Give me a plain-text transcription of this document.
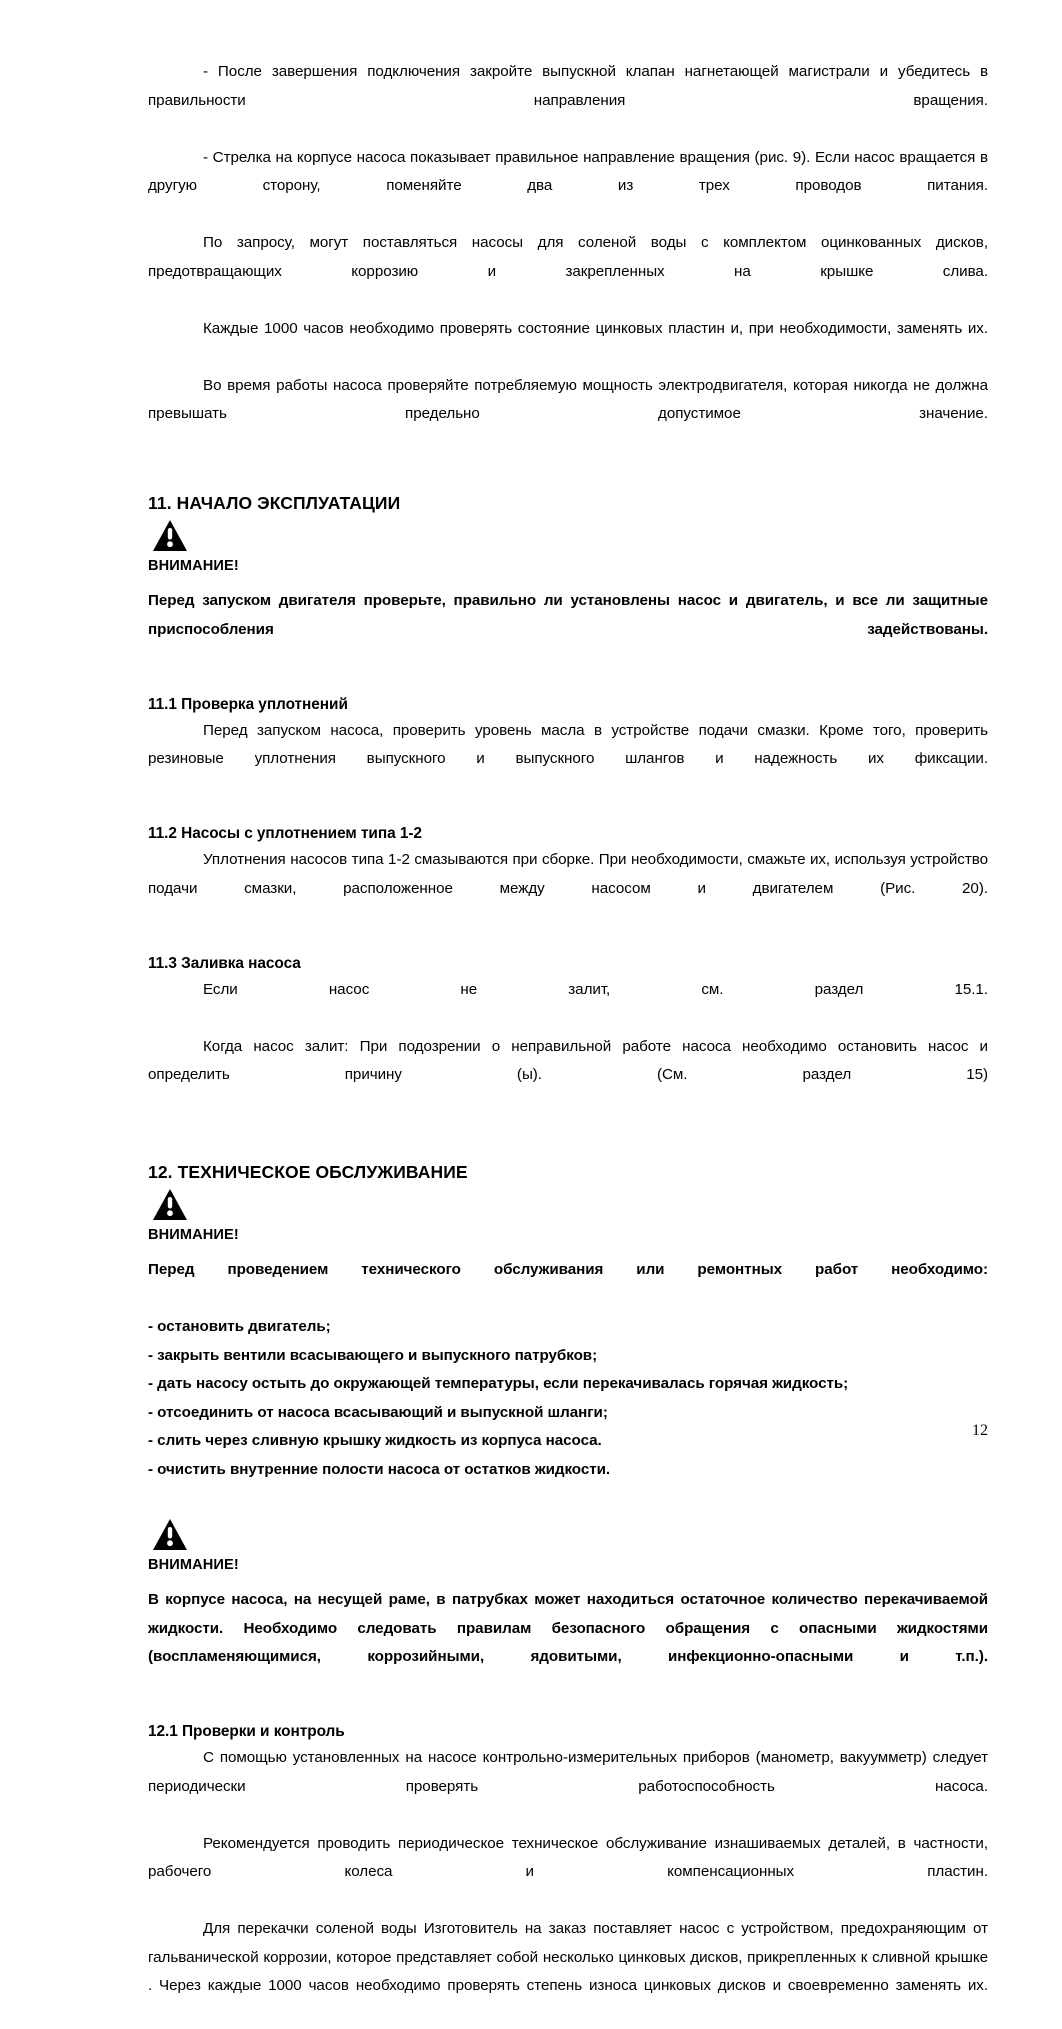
- После завершения подключения закройте выпускной клапан нагнетающей магистрали и убедитесь в правильности направления вращения.

- Стрелка на корпусе насоса показывает правильное направление вращения (рис. 9). Если насос вращается в другую сторону, поменяйте два из трех проводов питания.

По запросу, могут поставляться насосы для соленой воды с комплектом оцинкованных дисков, предотвращающих коррозию и закрепленных на крышке слива.

Каждые 1000 часов необходимо проверять состояние цинковых пластин и, при необходимости, заменять их.

Во время работы насоса проверяйте потребляемую мощность электродвигателя, которая никогда не должна превышать предельно допустимое значение.

11. НАЧАЛО ЭКСПЛУАТАЦИИ

ВНИМАНИЕ!

Перед запуском двигателя проверьте, правильно ли установлены насос и двигатель, и все ли защитные приспособления задействованы.

11.1 Проверка уплотнений

Перед запуском насоса, проверить уровень масла в устройстве подачи смазки. Кроме того, проверить резиновые уплотнения выпускного и выпускного шлангов и надежность их фиксации.

11.2 Насосы с уплотнением типа 1-2

Уплотнения насосов типа 1-2 смазываются при сборке. При необходимости, смажьте их, используя устройство подачи смазки, расположенное между насосом и двигателем (Рис. 20).

11.3 Заливка насоса

Если насос не залит, см. раздел 15.1.

Когда насос залит: При подозрении о неправильной работе насоса необходимо остановить насос и определить причину (ы). (См. раздел 15)

12. ТЕХНИЧЕСКОЕ ОБСЛУЖИВАНИЕ

ВНИМАНИЕ!

Перед проведением технического обслуживания или ремонтных работ необходимо:

- остановить двигатель;
- закрыть вентили всасывающего и выпускного патрубков;
- дать насосу остыть до окружающей температуры, если перекачивалась горячая жидкость;
- отсоединить от насоса всасывающий и выпускной шланги;
- слить через сливную крышку жидкость из корпуса насоса.
- очистить внутренние полости насоса от остатков жидкости.

ВНИМАНИЕ!

В корпусе насоса, на несущей раме, в патрубках может находиться остаточное количество перекачиваемой жидкости. Необходимо следовать правилам безопасного обращения с опасными жидкостями (воспламеняющимися, коррозийными, ядовитыми, инфекционно-опасными и т.п.).

12.1 Проверки и контроль

С помощью установленных на насосе контрольно-измерительных приборов (манометр, вакуумметр) следует периодически проверять работоспособность насоса.

Рекомендуется проводить периодическое техническое обслуживание изнашиваемых деталей, в частности, рабочего колеса и компенсационных пластин.

Для перекачки соленой воды Изготовитель на заказ поставляет насос с устройством, предохраняющим от гальванической коррозии, которое представляет собой несколько цинковых дисков, прикрепленных к сливной крышке . Через каждые 1000 часов необходимо проверять степень износа цинковых дисков и своевременно заменять их.

12
